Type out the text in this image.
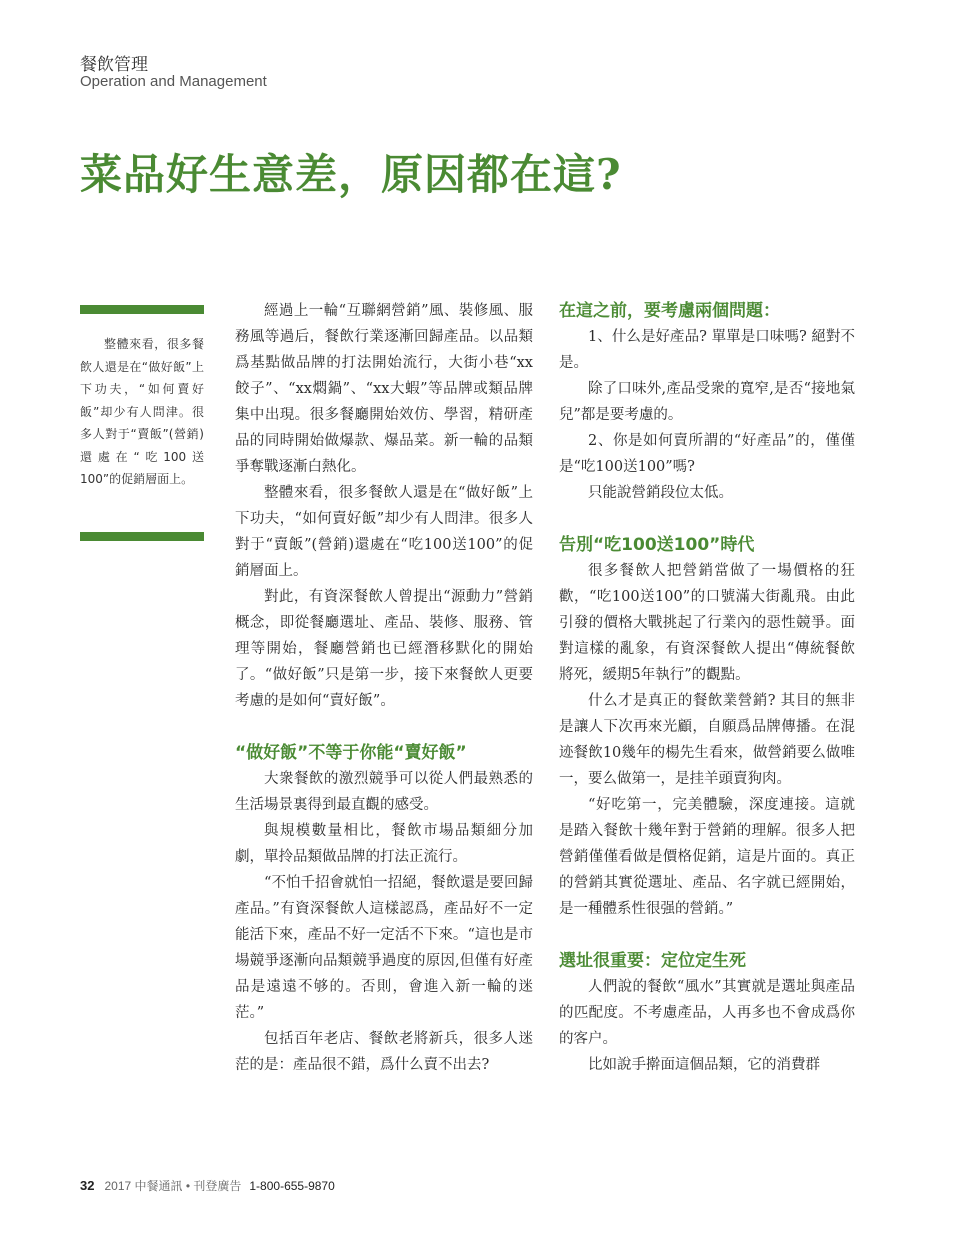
餐飲管理
Operation and Management
菜品好生意差，原因都在這?

整體來看，很多餐飲人還是在“做好飯”上下功夫，“如何賣好飯”却少有人問津。很多人對于“賣飯”(營銷)還處在“吃100送100”的促銷層面上。

經過上一輪“互聯網營銷”風、裝修風、服務風等過后，餐飲行業逐漸回歸產品。以品類爲基點做品牌的打法開始流行，大街小巷“xx餃子”、“xx燜鍋”、“xx大蝦”等品牌或類品牌集中出現。很多餐廳開始效仿、學習，精研產品的同時開始做爆款、爆品菜。新一輪的品類爭奪戰逐漸白熱化。

整體來看，很多餐飲人還是在“做好飯”上下功夫，“如何賣好飯”却少有人問津。很多人對于“賣飯”(營銷)還處在“吃100送100”的促銷層面上。

對此，有資深餐飲人曾提出“源動力”營銷概念，即從餐廳選址、產品、裝修、服務、管理等開始，餐廳營銷也已經潛移默化的開始了。“做好飯”只是第一步，接下來餐飲人更要考慮的是如何“賣好飯”。

“做好飯”不等于你能“賣好飯”

大衆餐飲的激烈競爭可以從人們最熟悉的生活場景裏得到最直觀的感受。

與規模數量相比，餐飲市場品類細分加劇，單拎品類做品牌的打法正流行。

“不怕千招會就怕一招絕，餐飲還是要回歸產品。”有資深餐飲人這樣認爲，產品好不一定能活下來，產品不好一定活不下來。“這也是市場競爭逐漸向品類競爭過度的原因,但僅有好產品是遠遠不够的。否則，會進入新一輪的迷茫。”

包括百年老店、餐飲老將新兵，很多人迷茫的是：產品很不錯，爲什么賣不出去?

在這之前，要考慮兩個問題：

1、什么是好產品? 單單是口味嗎? 絕對不是。

除了口味外,產品受衆的寬窄,是否“接地氣兒”都是要考慮的。

2、你是如何賣所謂的“好產品”的，僅僅是“吃100送100”嗎?

只能說營銷段位太低。

告別“吃100送100”時代

很多餐飲人把營銷當做了一場價格的狂歡，“吃100送100”的口號滿大街亂飛。由此引發的價格大戰挑起了行業內的惡性競爭。面對這樣的亂象，有資深餐飲人提出“傳統餐飲將死，緩期5年執行”的觀點。

什么才是真正的餐飲業營銷? 其目的無非是讓人下次再來光顧，自願爲品牌傳播。在混迹餐飲10幾年的楊先生看來，做營銷要么做唯一，要么做第一，是挂羊頭賣狗肉。

“好吃第一，完美體驗，深度連接。這就是踏入餐飲十幾年對于營銷的理解。很多人把營銷僅僅看做是價格促銷，這是片面的。真正的營銷其實從選址、產品、名字就已經開始，是一種體系性很强的營銷。”

選址很重要：定位定生死

人們說的餐飲“風水”其實就是選址與產品的匹配度。不考慮產品，人再多也不會成爲你的客户。

比如說手擀面這個品類，它的消費群

32 2017 中餐通訊 • 刊登廣告 1-800-655-9870
